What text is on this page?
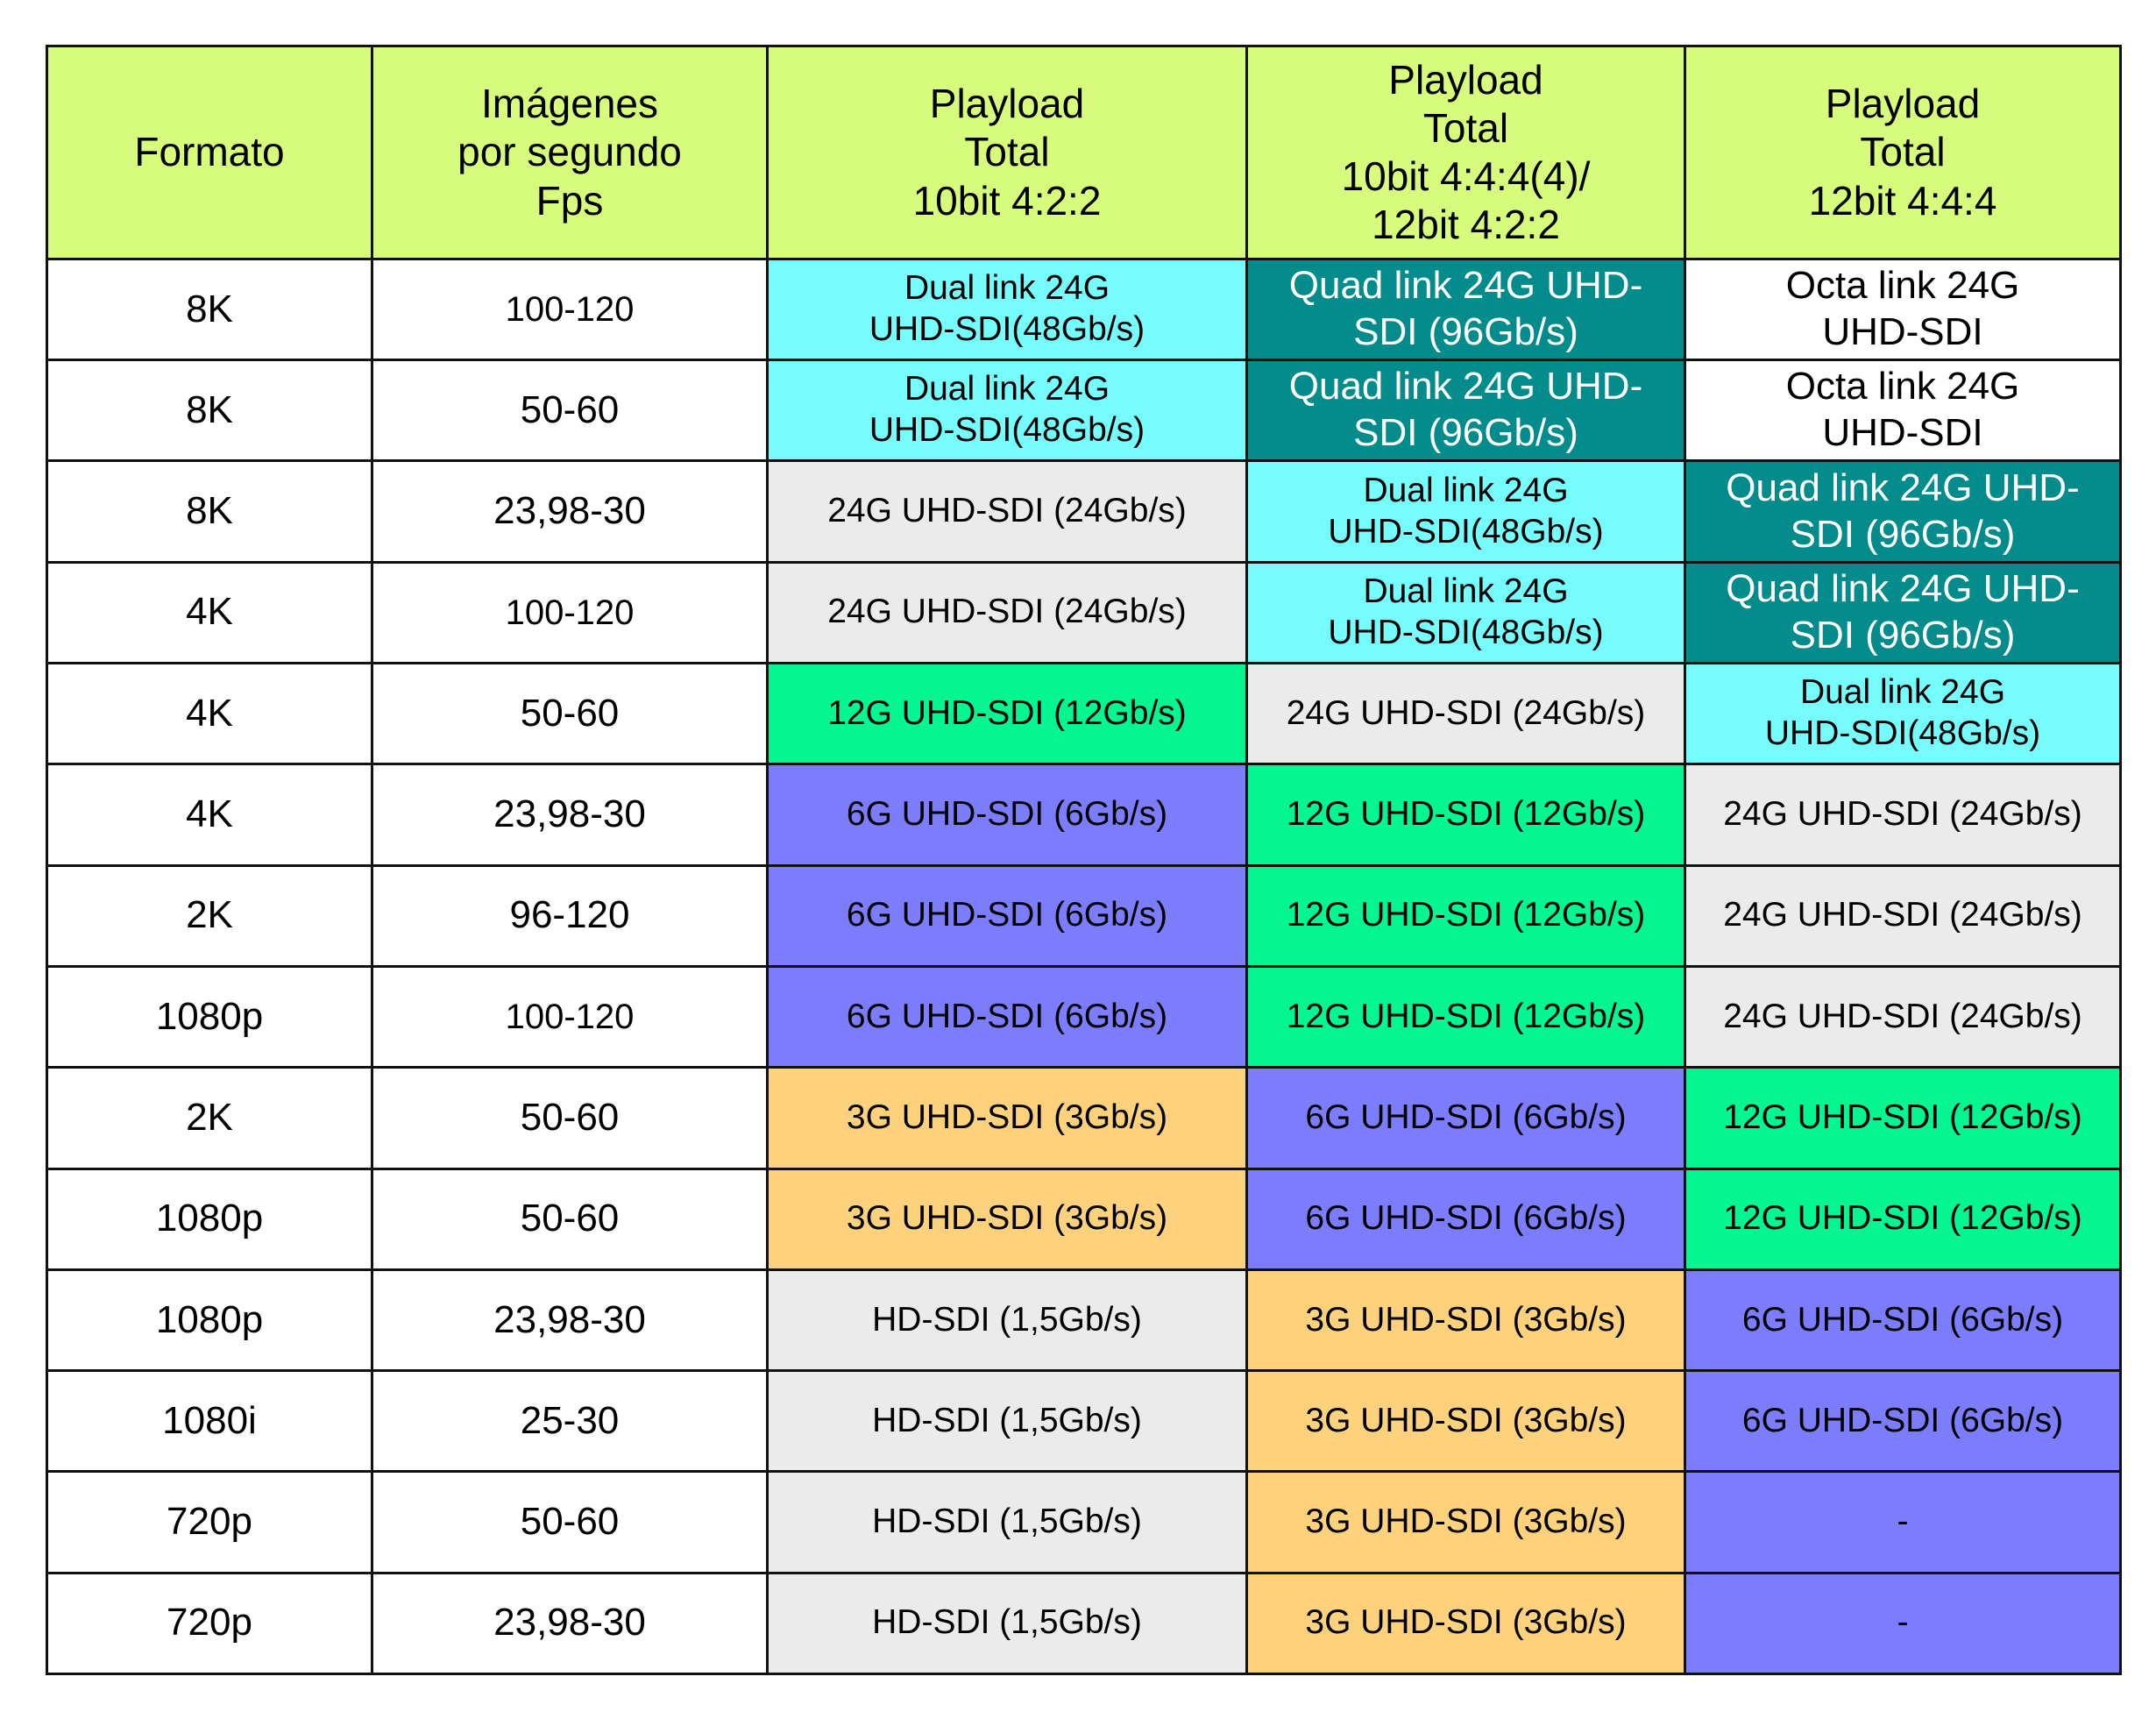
Formato	Imágenes
por segundo
Fps	Playload
Total
10bit 4:2:2	Playload
Total
10bit 4:4:4(4)/
12bit 4:2:2	Playload
Total
12bit 4:4:4
8K	100-120	Dual link 24G
UHD-SDI(48Gb/s)	Quad link 24G UHD-
SDI (96Gb/s)	Octa link 24G
UHD-SDI
8K	50-60	Dual link 24G
UHD-SDI(48Gb/s)	Quad link 24G UHD-
SDI (96Gb/s)	Octa link 24G
UHD-SDI
8K	23,98-30	24G UHD-SDI (24Gb/s)	Dual link 24G
UHD-SDI(48Gb/s)	Quad link 24G UHD-
SDI (96Gb/s)
4K	100-120	24G UHD-SDI (24Gb/s)	Dual link 24G
UHD-SDI(48Gb/s)	Quad link 24G UHD-
SDI (96Gb/s)
4K	50-60	12G UHD-SDI (12Gb/s)	24G UHD-SDI (24Gb/s)	Dual link 24G
UHD-SDI(48Gb/s)
4K	23,98-30	6G UHD-SDI (6Gb/s)	12G UHD-SDI (12Gb/s)	24G UHD-SDI (24Gb/s)
2K	96-120	6G UHD-SDI (6Gb/s)	12G UHD-SDI (12Gb/s)	24G UHD-SDI (24Gb/s)
1080p	100-120	6G UHD-SDI (6Gb/s)	12G UHD-SDI (12Gb/s)	24G UHD-SDI (24Gb/s)
2K	50-60	3G UHD-SDI (3Gb/s)	6G UHD-SDI (6Gb/s)	12G UHD-SDI (12Gb/s)
1080p	50-60	3G UHD-SDI (3Gb/s)	6G UHD-SDI (6Gb/s)	12G UHD-SDI (12Gb/s)
1080p	23,98-30	HD-SDI (1,5Gb/s)	3G UHD-SDI (3Gb/s)	6G UHD-SDI (6Gb/s)
1080i	25-30	HD-SDI (1,5Gb/s)	3G UHD-SDI (3Gb/s)	6G UHD-SDI (6Gb/s)
720p	50-60	HD-SDI (1,5Gb/s)	3G UHD-SDI (3Gb/s)	-
720p	23,98-30	HD-SDI (1,5Gb/s)	3G UHD-SDI (3Gb/s)	-
